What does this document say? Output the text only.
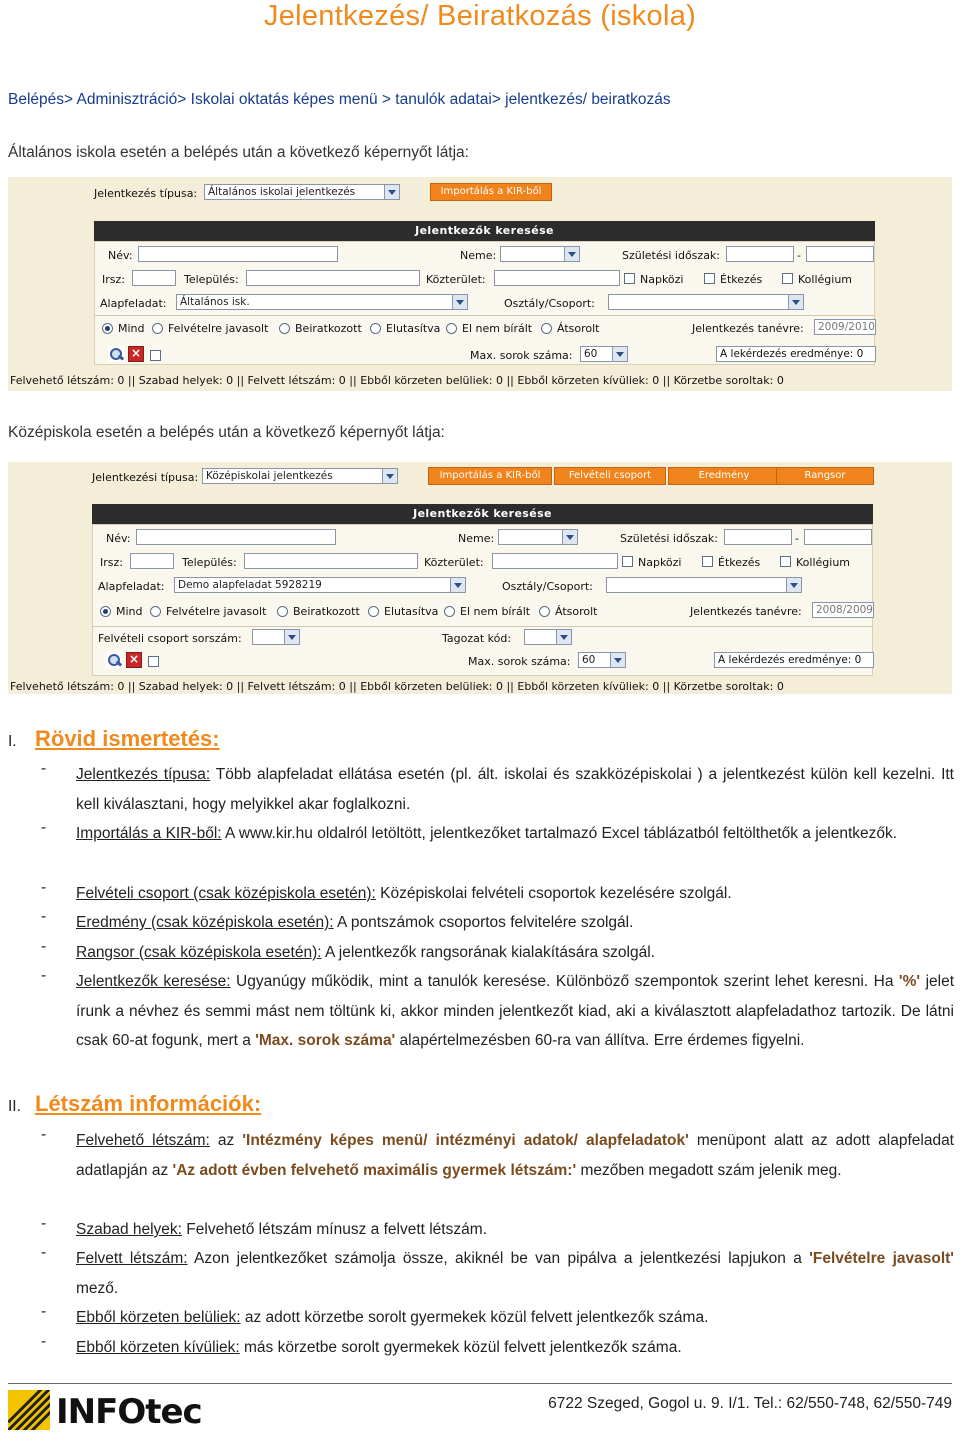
Jelentkezés/ Beiratkozás (iskola)
Belépés> Adminisztráció> Iskolai oktatás képes menü > tanulók adatai> jelentkezés/ beiratkozás
Általános iskola esetén a belépés után a következő képernyőt látja:
Jelentkezés típusa:	Általános iskolai jelentkezés	Importálás a KIR-ből
Jelentkezők keresése
Név:	Neme:	Születési időszak:	-
Irsz:	Település:	Közterület:	Napközi	Étkezés	Kollégium
Alapfeladat:	Általános isk.	Osztály/Csoport:
Mind Felvételre javasolt Beiratkozott Elutasítva El nem bírált Átsorolt	Jelentkezés tanévre:	2009/2010
×	Max. sorok száma:	60	A lekérdezés eredménye: 0
Felvehető létszám: 0 || Szabad helyek: 0 || Felvett létszám: 0 || Ebből körzeten belüliek: 0 || Ebből körzeten kívüliek: 0 || Körzetbe soroltak: 0
Középiskola esetén a belépés után a következő képernyőt látja:
Jelentkezési típusa: Középiskolai jelentkezés	Importálás a KIR-ből	Felvételi csoport	Eredmény	Rangsor
Jelentkezők keresése
Név:	Neme:	Születési időszak:	-
Irsz:	Település:	Közterület:	Napközi	Étkezés	Kollégium
Alapfeladat:	Demo alapfeladat 5928219	Osztály/Csoport:
Mind Felvételre javasolt Beiratkozott Elutasítva El nem bírált Átsorolt	Jelentkezés tanévre:	2008/2009
Felvételi csoport sorszám:	Tagozat kód:
×	Max. sorok száma:	60	A lekérdezés eredménye: 0
Felvehető létszám: 0 || Szabad helyek: 0 || Felvett létszám: 0 || Ebből körzeten belüliek: 0 || Ebből körzeten kívüliek: 0 || Körzetbe soroltak: 0
I. Rövid ismertetés:
- Jelentkezés típusa: Több alapfeladat ellátása esetén (pl. ált. iskolai és szakközépiskolai ) a jelentkezést külön kell kezelni. Itt kell kiválasztani, hogy melyikkel akar foglalkozni.
- Importálás a KIR-ből: A www.kir.hu oldalról letöltött, jelentkezőket tartalmazó Excel táblázatból feltölthetők a jelentkezők.
- Felvételi csoport (csak középiskola esetén): Középiskolai felvételi csoportok kezelésére szolgál.
- Eredmény (csak középiskola esetén): A pontszámok csoportos felvitelére szolgál.
- Rangsor (csak középiskola esetén): A jelentkezők rangsorának kialakítására szolgál.
- Jelentkezők keresése: Ugyanúgy működik, mint a tanulók keresése. Különböző szempontok szerint lehet keresni. Ha '%' jelet írunk a névhez és semmi mást nem töltünk ki, akkor minden jelentkezőt kiad, aki a kiválasztott alapfeladathoz tartozik. De látni csak 60-at fogunk, mert a 'Max. sorok száma' alapértelmezésben 60-ra van állítva. Erre érdemes figyelni.
II. Létszám információk:
- Felvehető létszám: az 'Intézmény képes menü/ intézményi adatok/ alapfeladatok' menüpont alatt az adott alapfeladat adatlapján az 'Az adott évben felvehető maximális gyermek létszám:' mezőben megadott szám jelenik meg.
- Szabad helyek: Felvehető létszám mínusz a felvett létszám.
- Felvett létszám: Azon jelentkezőket számolja össze, akiknél be van pipálva a jelentkezési lapjukon a 'Felvételre javasolt' mező.
- Ebből körzeten belüliek: az adott körzetbe sorolt gyermekek közül felvett jelentkezők száma.
- Ebből körzeten kívüliek: más körzetbe sorolt gyermekek közül felvett jelentkezők száma.
INFOtec	6722 Szeged, Gogol u. 9. I/1. Tel.: 62/550-748, 62/550-749
